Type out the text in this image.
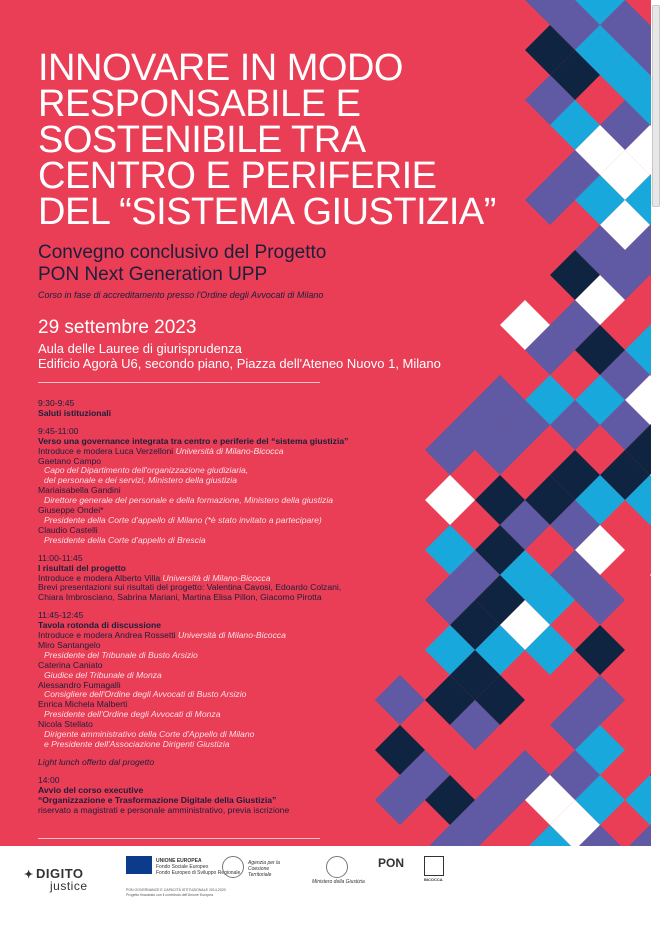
INNOVARE IN MODO
RESPONSABILE E
SOSTENIBILE TRA
CENTRO E PERIFERIE
DEL “SISTEMA GIUSTIZIA”
Convegno conclusivo del Progetto
PON Next Generation UPP
Corso in fase di accreditamento presso l'Ordine degli Avvocati di Milano
29 settembre 2023
Aula delle Lauree di giurisprudenza
Edificio Agorà U6, secondo piano, Piazza dell'Ateneo Nuovo 1, Milano
9:30-9:45
Saluti istituzionali
9:45-11:00
Verso una governance integrata tra centro e periferie del “sistema giustizia”
Introduce e modera Luca Verzelloni Università di Milano-Bicocca
Gaetano Campo
Capo del Dipartimento dell'organizzazione giudiziaria,
del personale e dei servizi, Ministero della giustizia
Mariaisabella Gandini
Direttore generale del personale e della formazione, Ministero della giustizia
Giuseppe Ondei*
Presidente della Corte d'appello di Milano (*è stato invitato a partecipare)
Claudio Castelli
Presidente della Corte d'appello di Brescia
11:00-11:45
I risultati del progetto
Introduce e modera Alberto Villa Università di Milano-Bicocca
Brevi presentazioni sui risultati del progetto: Valentina Cavosi, Edoardo Colzani,
Chiara Imbrosciano, Sabrina Mariani, Martina Elisa Pillon, Giacomo Pirotta
11:45-12:45
Tavola rotonda di discussione
Introduce e modera Andrea Rossetti Università di Milano-Bicocca
Miro Santangelo
Presidente del Tribunale di Busto Arsizio
Caterina Caniato
Giudice del Tribunale di Monza
Alessandro Fumagalli
Consigliere dell'Ordine degli Avvocati di Busto Arsizio
Enrica Michela Malberti
Presidente dell'Ordine degli Avvocati di Monza
Nicola Stellato
Dirigente amministrativo della Corte d'Appello di Milano
e Presidente dell'Associazione Dirigenti Giustizia
Light lunch offerto dal progetto
14:00
Avvio del corso executive
“Organizzazione e Trasformazione Digitale della Giustizia”
riservato a magistrati e personale amministrativo, previa iscrizione
✦ DIGITO
justice
UNIONE EUROPEA
Fondo Sociale Europeo
Fondo Europeo di Sviluppo Regionale
Agenzia per la
Coesione Territoriale
Ministero della Giustizia
PON
BICOCCA
PON GOVERNANCE E CAPACITÀ ISTITUZIONALE 2014-2020
Progetto finanziato con il contributo dell'Unione Europea
